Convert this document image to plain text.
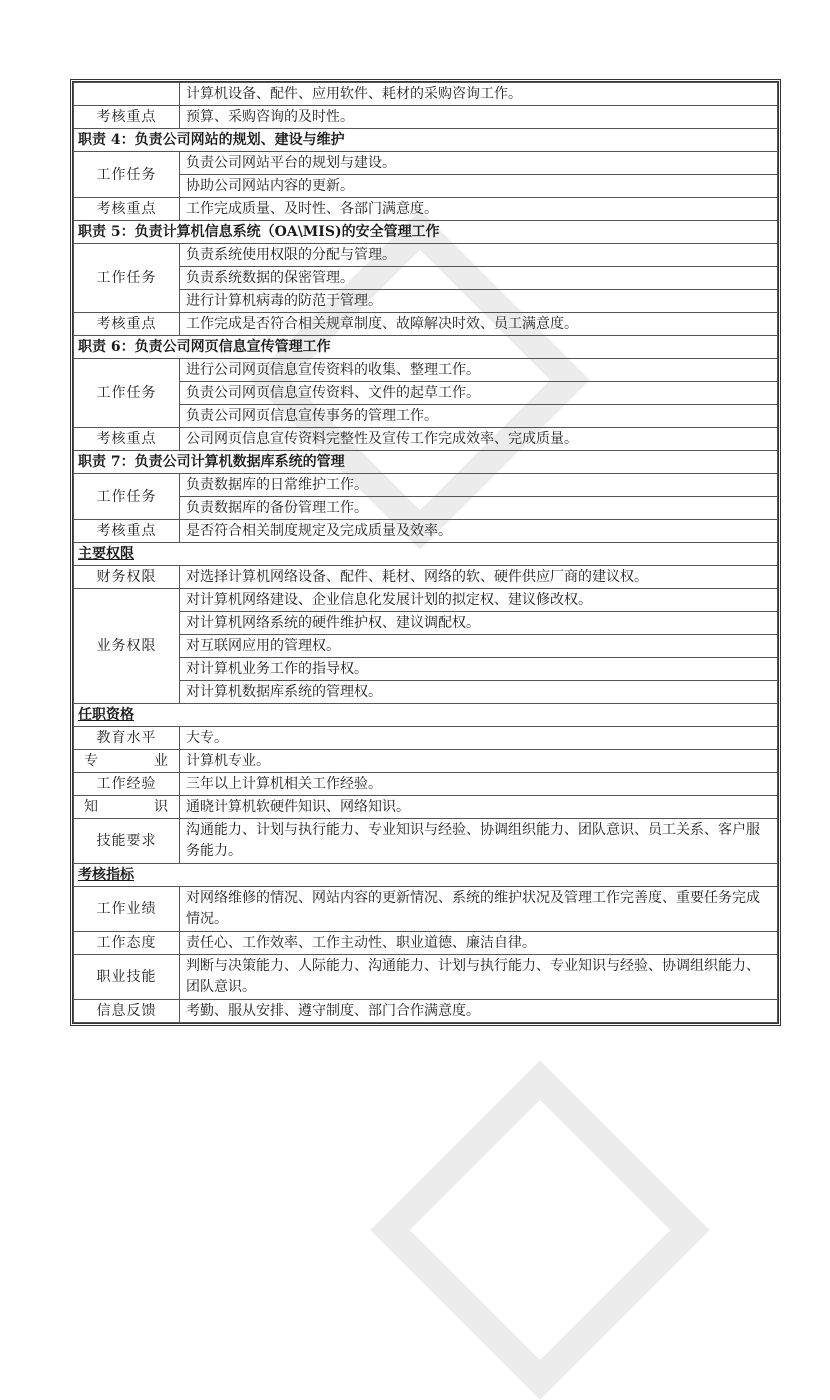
	计算机设备、配件、应用软件、耗材的采购咨询工作。
考核重点	预算、采购咨询的及时性。
职责 4：负责公司网站的规划、建设与维护	
工作任务	负责公司网站平台的规划与建设。
	协助公司网站内容的更新。
考核重点	工作完成质量、及时性、各部门满意度。
职责 5：负责计算机信息系统（OA\MIS)的安全管理工作	
工作任务	负责系统使用权限的分配与管理。
	负责系统数据的保密管理。
	进行计算机病毒的防范于管理。
考核重点	工作完成是否符合相关规章制度、故障解决时效、员工满意度。
职责 6：负责公司网页信息宣传管理工作	
工作任务	进行公司网页信息宣传资料的收集、整理工作。
	负责公司网页信息宣传资料、文件的起草工作。
	负责公司网页信息宣传事务的管理工作。
考核重点	公司网页信息宣传资料完整性及宣传工作完成效率、完成质量。
职责 7：负责公司计算机数据库系统的管理	
工作任务	负责数据库的日常维护工作。
	负责数据库的备份管理工作。
考核重点	是否符合相关制度规定及完成质量及效率。
主要权限	
财务权限	对选择计算机网络设备、配件、耗材、网络的软、硬件供应厂商的建议权。
业务权限	对计算机网络建设、企业信息化发展计划的拟定权、建议修改权。
	对计算机网络系统的硬件维护权、建议调配权。
	对互联网应用的管理权。
	对计算机业务工作的指导权。
	对计算机数据库系统的管理权。
任职资格	
教育水平	大专。
专业	计算机专业。
工作经验	三年以上计算机相关工作经验。
知识	通晓计算机软硬件知识、网络知识。
技能要求	沟通能力、计划与执行能力、专业知识与经验、协调组织能力、团队意识、员工关系、客户服务能力。
考核指标	
工作业绩	对网络维修的情况、网站内容的更新情况、系统的维护状况及管理工作完善度、重要任务完成情况。
工作态度	责任心、工作效率、工作主动性、职业道德、廉洁自律。
职业技能	判断与决策能力、人际能力、沟通能力、计划与执行能力、专业知识与经验、协调组织能力、团队意识。
信息反馈	考勤、服从安排、遵守制度、部门合作满意度。
